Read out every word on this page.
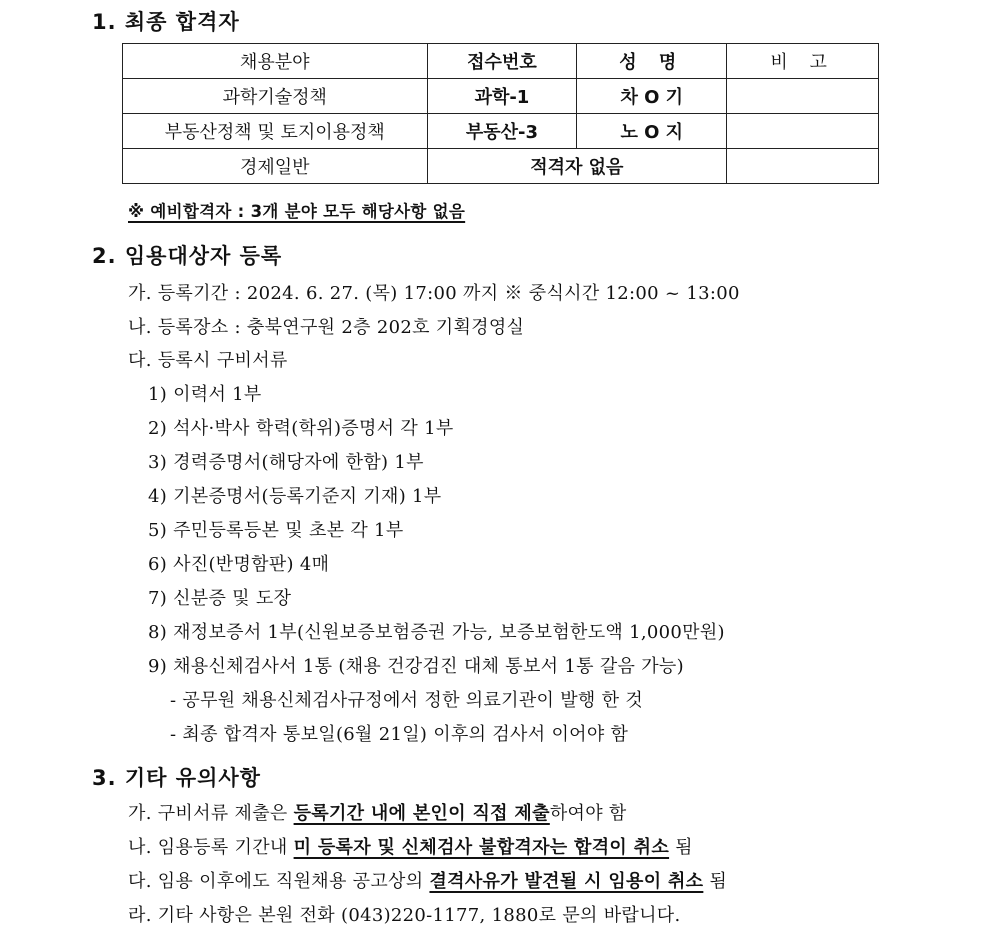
1. 최종 합격자
채용분야	접수번호	성 명	비 고
과학기술정책	과학-1	차 O 기	
부동산정책 및 토지이용정책	부동산-3	노 O 지	
경제일반	적격자 없음		
※ 예비합격자 : 3개 분야 모두 해당사항 없음
2. 임용대상자 등록
가. 등록기간 : 2024. 6. 27. (목) 17:00 까지 ※ 중식시간 12:00 ~ 13:00
나. 등록장소 : 충북연구원 2층 202호 기획경영실
다. 등록시 구비서류
1) 이력서 1부
2) 석사·박사 학력(학위)증명서 각 1부
3) 경력증명서(해당자에 한함) 1부
4) 기본증명서(등록기준지 기재) 1부
5) 주민등록등본 및 초본 각 1부
6) 사진(반명함판) 4매
7) 신분증 및 도장
8) 재정보증서 1부(신원보증보험증권 가능, 보증보험한도액 1,000만원)
9) 채용신체검사서 1통 (채용 건강검진 대체 통보서 1통 갈음 가능)
- 공무원 채용신체검사규정에서 정한 의료기관이 발행 한 것
- 최종 합격자 통보일(6월 21일) 이후의 검사서 이어야 함
3. 기타 유의사항
가. 구비서류 제출은 등록기간 내에 본인이 직접 제출하여야 함
나. 임용등록 기간내 미 등록자 및 신체검사 불합격자는 합격이 취소 됨
다. 임용 이후에도 직원채용 공고상의 결격사유가 발견될 시 임용이 취소 됨
라. 기타 사항은 본원 전화 (043)220-1177, 1880로 문의 바랍니다.
